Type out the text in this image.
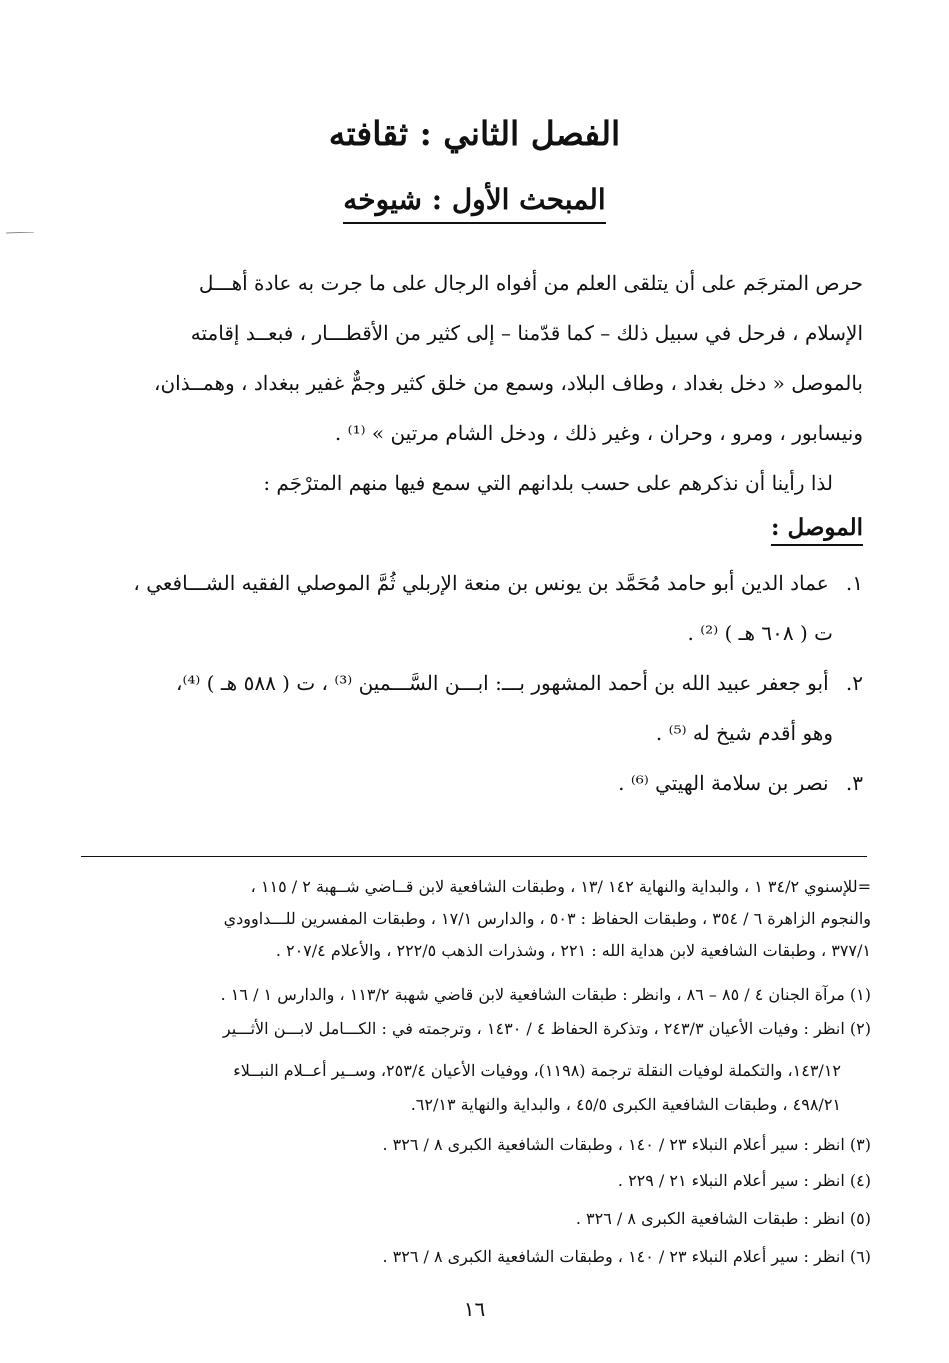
الفصل الثاني : ثقافته
المبحث الأول : شيوخه
حرص المترجَم على أن يتلقى العلم من أفواه الرجال على ما جرت به عادة أهـــل
الإسلام ، فرحل في سبيل ذلك – كما قدّمنا – إلى كثير من الأقطـــار ، فبعــد إقامته
بالموصل « دخل بغداد ، وطاف البلاد، وسمع من خلق كثير وجمٌّ غفير ببغداد ، وهمــذان،
ونيسابور ، ومرو ، وحران ، وغير ذلك ، ودخل الشام مرتين » ⁽¹⁾ .
لذا رأينا أن نذكرهم على حسب بلدانهم التي سمع فيها منهم المترْجَم :
الموصل :
١. عماد الدين أبو حامد مُحَمَّد بن يونس بن منعة الإربلي ثُمَّ الموصلي الفقيه الشـــافعي ،
ت ( ٦٠٨ هـ ) ⁽²⁾ .
٢. أبو جعفر عبيد الله بن أحمد المشهور بـــ: ابـــن السَّـــمين ⁽³⁾ ، ت ( ٥٨٨ هـ ) ⁽⁴⁾،
وهو أقدم شيخ له ⁽⁵⁾ .
٣. نصر بن سلامة الهيتي ⁽⁶⁾ .
=للإسنوي ٣٤/٢ ١ ، والبداية والنهاية ١٤٢ /١٣ ، وطبقات الشافعية لابن قــاضي شــهبة ٢ / ١١٥ ،
والنجوم الزاهرة ٦ / ٣٥٤ ، وطبقات الحفاظ : ٥٠٣ ، والدارس ١٧/١ ، وطبقات المفسرين للـــداوودي
٣٧٧/١ ، وطبقات الشافعية لابن هداية الله : ٢٢١ ، وشذرات الذهب ٢٢٢/٥ ، والأعلام ٢٠٧/٤ .
(١) مرآة الجنان ٤ / ٨٥ – ٨٦ ، وانظر : طبقات الشافعية لابن قاضي شهبة ١١٣/٢ ، والدارس ١ / ١٦ .
(٢) انظر : وفيات الأعيان ٢٤٣/٣ ، وتذكرة الحفاظ ٤ / ١٤٣٠ ، وترجمته في : الكـــامل لابـــن الأثـــير
١٤٣/١٢، والتكملة لوفيات النقلة ترجمة (١١٩٨)، ووفيات الأعيان ٢٥٣/٤، وســير أعــلام النبــلاء
٤٩٨/٢١ ، وطبقات الشافعية الكبرى ٤٥/٥ ، والبداية والنهاية ٦٢/١٣.
(٣) انظر : سير أعلام النبلاء ٢٣ / ١٤٠ ، وطبقات الشافعية الكبرى ٨ / ٣٢٦ .
(٤) انظر : سير أعلام النبلاء ٢١ / ٢٢٩ .
(٥) انظر : طبقات الشافعية الكبرى ٨ / ٣٢٦ .
(٦) انظر : سير أعلام النبلاء ٢٣ / ١٤٠ ، وطبقات الشافعية الكبرى ٨ / ٣٢٦ .
١٦
